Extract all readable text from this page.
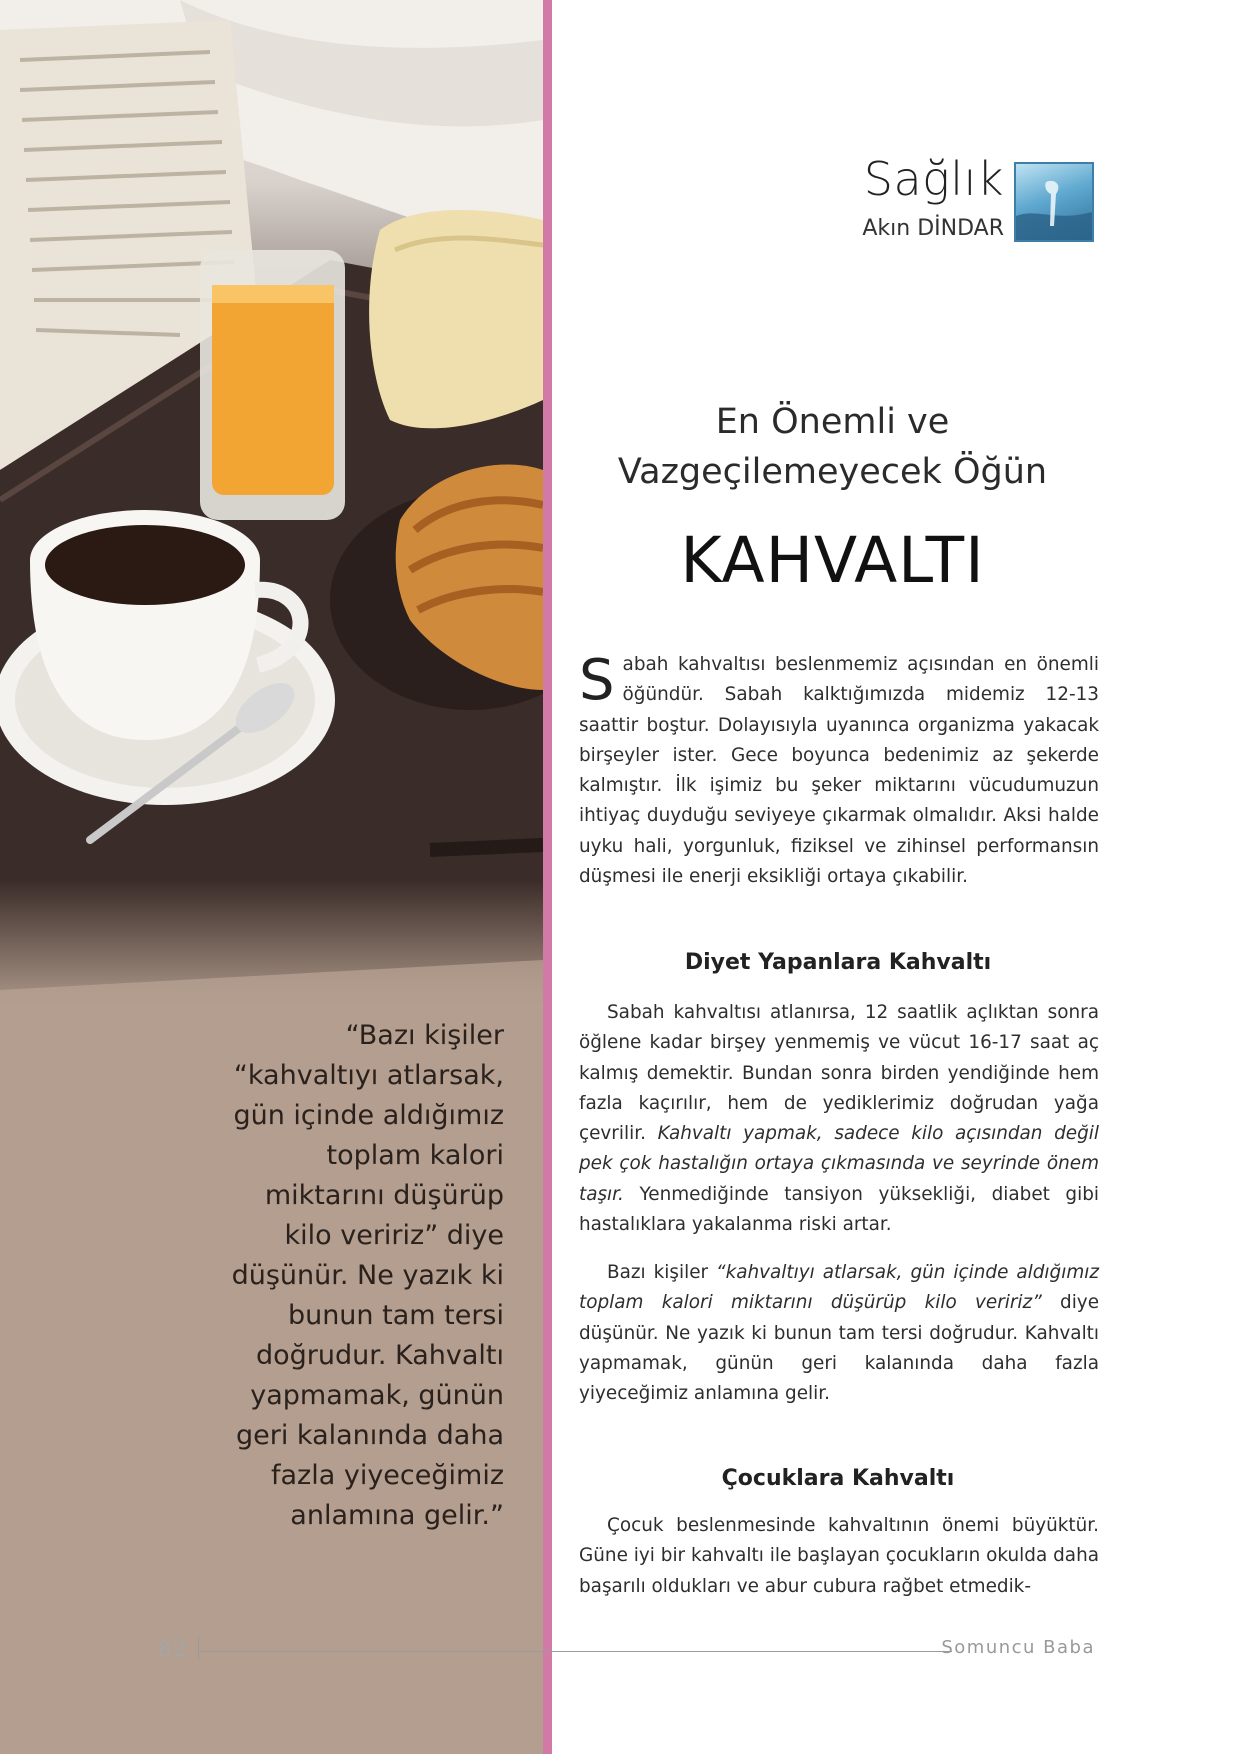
Sağlık
Akın DİNDAR
En Önemli ve
Vazgeçilemeyecek Öğün
KAHVALTI
Sabah kahvaltısı beslenmemiz açısından en önemli öğündür. Sabah kalktığımızda midemiz 12-13 saattir boştur. Dolayısıyla uyanınca organizma yakacak birşeyler ister. Gece boyunca bedenimiz az şekerde kalmıştır. İlk işimiz bu şeker miktarını vücudumuzun ihtiyaç duyduğu seviyeye çıkarmak olmalıdır. Aksi halde uyku hali, yorgunluk, fiziksel ve zihinsel performansın düşmesi ile enerji eksikliği ortaya çıkabilir.
Diyet Yapanlara Kahvaltı
Sabah kahvaltısı atlanırsa, 12 saatlik açlıktan sonra öğlene kadar birşey yenmemiş ve vücut 16-17 saat aç kalmış demektir. Bundan sonra birden yendiğinde hem fazla kaçırılır, hem de yediklerimiz doğrudan yağa çevrilir. Kahvaltı yapmak, sadece kilo açısından değil pek çok hastalığın ortaya çıkmasında ve seyrinde önem taşır. Yenmediğinde tansiyon yüksekliği, diabet gibi hastalıklara yakalanma riski artar.
Bazı kişiler “kahvaltıyı atlarsak, gün içinde aldığımız toplam kalori miktarını düşürüp kilo veririz” diye düşünür. Ne yazık ki bunun tam tersi doğrudur. Kahvaltı yapmamak, günün geri kalanında daha fazla yiyeceğimiz anlamına gelir.
Çocuklara Kahvaltı
Çocuk beslenmesinde kahvaltının önemi büyüktür. Güne iyi bir kahvaltı ile başlayan çocukların okulda daha başarılı oldukları ve abur cubura rağbet etmedik-
“Bazı kişiler “kahvaltıyı atlarsak, gün içinde aldığımız toplam kalori miktarını düşürüp kilo veririz” diye düşünür. Ne yazık ki bunun tam tersi doğrudur. Kahvaltı yapmamak, günün geri kalanında daha fazla yiyeceğimiz anlamına gelir.”
82	Somuncu Baba
